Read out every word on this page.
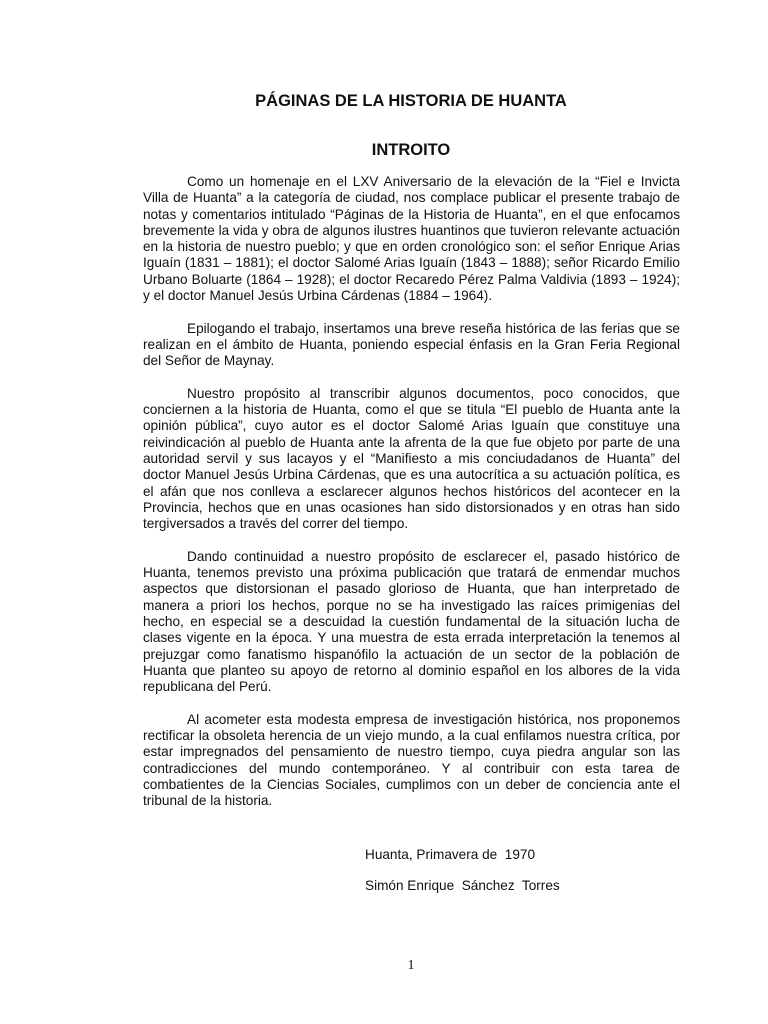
PÁGINAS DE LA HISTORIA DE HUANTA
INTROITO

Como un homenaje en el LXV Aniversario de la elevación de la “Fiel e Invicta Villa de Huanta” a la categoría de ciudad, nos complace publicar el presente trabajo de notas y comentarios intitulado “Páginas de la Historia de Huanta”, en el que enfocamos brevemente la vida y obra de algunos ilustres huantinos que tuvieron relevante actuación en la historia de nuestro pueblo; y que en orden cronológico son: el señor Enrique Arias Iguaín (1831 – 1881); el doctor Salomé Arias Iguaín (1843 – 1888); señor Ricardo Emilio Urbano Boluarte (1864 – 1928); el doctor Recaredo Pérez Palma Valdivia (1893 – 1924); y el doctor Manuel Jesús Urbina Cárdenas (1884 – 1964).

Epilogando el trabajo, insertamos una breve reseña histórica de las ferias que se realizan en el ámbito de Huanta, poniendo especial énfasis en la Gran Feria Regional del Señor de Maynay.

Nuestro propósito al transcribir algunos documentos, poco conocidos, que conciernen a la historia de Huanta, como el que se titula “El pueblo de Huanta ante la opinión pública”, cuyo autor es el doctor Salomé Arias Iguaín que constituye una reivindicación al pueblo de Huanta ante la afrenta de la que fue objeto por parte de una autoridad servil y sus lacayos y el “Manifiesto a mis conciudadanos de Huanta” del doctor Manuel Jesús Urbina Cárdenas, que es una autocrítica a su actuación política, es el afán que nos conlleva a esclarecer algunos hechos históricos del acontecer en la Provincia, hechos que en unas ocasiones han sido distorsionados y en otras han sido tergiversados a través del correr del tiempo.

Dando continuidad a nuestro propósito de esclarecer el, pasado histórico de Huanta, tenemos previsto una próxima publicación que tratará de enmendar muchos aspectos que distorsionan el pasado glorioso de Huanta, que han interpretado de manera a priori los hechos, porque no se ha investigado las raíces primigenias del hecho, en especial se a descuidad la cuestión fundamental de la situación lucha de clases vigente en la época. Y una muestra de esta errada interpretación la tenemos al prejuzgar como fanatismo hispanófilo la actuación de un sector de la población de Huanta que planteo su apoyo de retorno al dominio español en los albores de la vida republicana del Perú.

Al acometer esta modesta empresa de investigación histórica, nos proponemos rectificar la obsoleta herencia de un viejo mundo, a la cual enfilamos nuestra crítica, por estar impregnados del pensamiento de nuestro tiempo, cuya piedra angular son las contradicciones del mundo contemporáneo. Y al contribuir con esta tarea de combatientes de la Ciencias Sociales, cumplimos con un deber de conciencia ante el tribunal de la historia.

Huanta, Primavera de  1970
Simón Enrique  Sánchez  Torres
1
